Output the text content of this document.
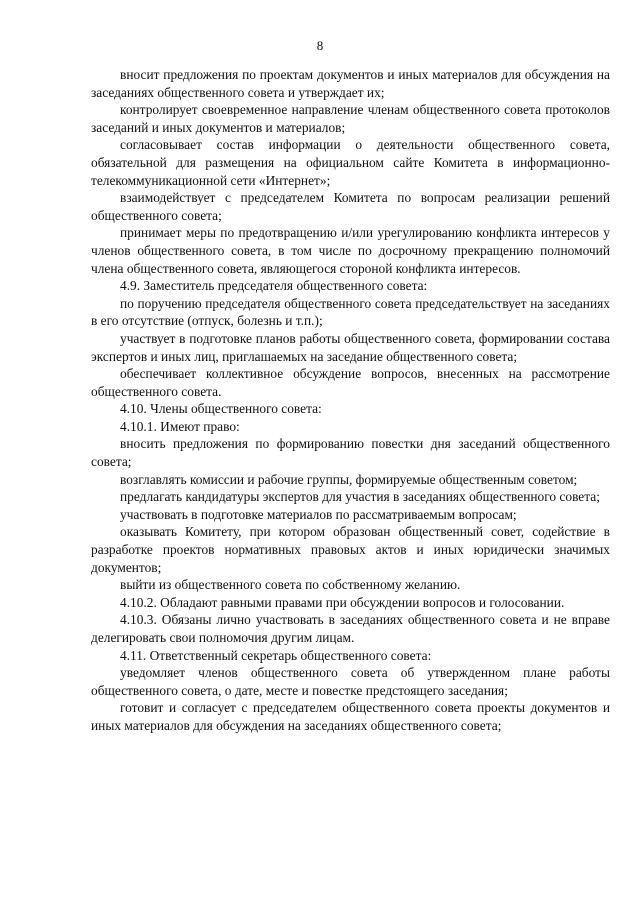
8

вносит предложения по проектам документов и иных материалов для обсуждения на заседаниях общественного совета и утверждает их;

контролирует своевременное направление членам общественного совета протоколов заседаний и иных документов и материалов;

согласовывает состав информации о деятельности общественного совета, обязательной для размещения на официальном сайте Комитета в информационно-телекоммуникационной сети «Интернет»;

взаимодействует с председателем Комитета по вопросам реализации решений общественного совета;

принимает меры по предотвращению и/или урегулированию конфликта интересов у членов общественного совета, в том числе по досрочному прекращению полномочий члена общественного совета, являющегося стороной конфликта интересов.

4.9. Заместитель председателя общественного совета:

по поручению председателя общественного совета председательствует на заседаниях в его отсутствие (отпуск, болезнь и т.п.);

участвует в подготовке планов работы общественного совета, формировании состава экспертов и иных лиц, приглашаемых на заседание общественного совета;

обеспечивает коллективное обсуждение вопросов, внесенных на рассмотрение общественного совета.

4.10. Члены общественного совета:

4.10.1. Имеют право:

вносить предложения по формированию повестки дня заседаний общественного совета;

возглавлять комиссии и рабочие группы, формируемые общественным советом;

предлагать кандидатуры экспертов для участия в заседаниях общественного совета;

участвовать в подготовке материалов по рассматриваемым вопросам;

оказывать Комитету, при котором образован общественный совет, содействие в разработке проектов нормативных правовых актов и иных юридически значимых документов;

выйти из общественного совета по собственному желанию.

4.10.2. Обладают равными правами при обсуждении вопросов и голосовании.

4.10.3. Обязаны лично участвовать в заседаниях общественного совета и не вправе делегировать свои полномочия другим лицам.

4.11. Ответственный секретарь общественного совета:

уведомляет членов общественного совета об утвержденном плане работы общественного совета, о дате, месте и повестке предстоящего заседания;

готовит и согласует с председателем общественного совета проекты документов и иных материалов для обсуждения на заседаниях общественного совета;
